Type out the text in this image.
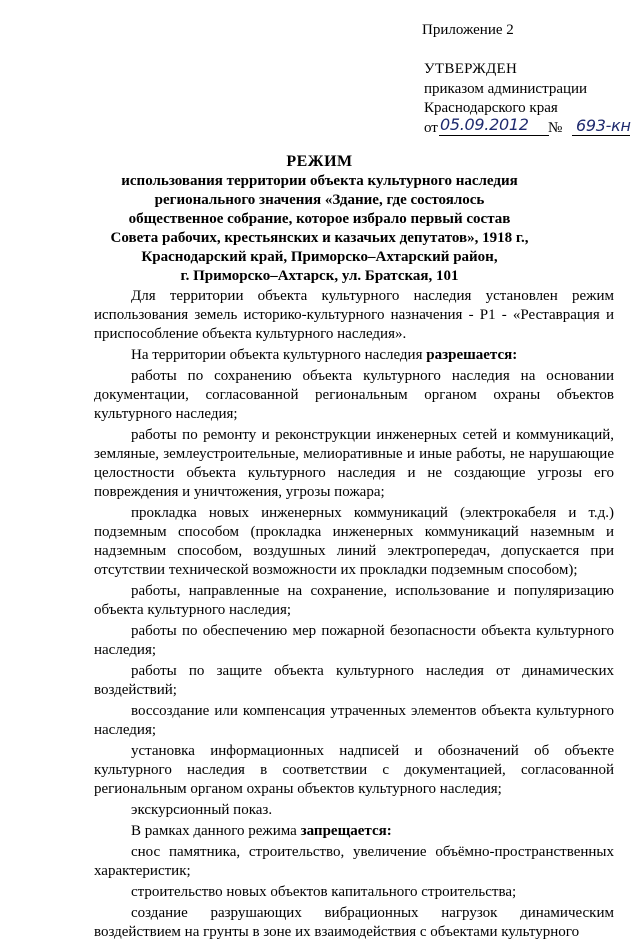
Приложение 2
УТВЕРЖДЕН
приказом администрации
Краснодарского края
от 05.09.2012 № 693-кн
РЕЖИМ
использования территории объекта культурного наследия
регионального значения «Здание, где состоялось
общественное собрание, которое избрало первый состав
Совета рабочих, крестьянских и казачьих депутатов», 1918 г.,
Краснодарский край, Приморско–Ахтарский район,
г. Приморско–Ахтарск, ул. Братская, 101

Для территории объекта культурного наследия установлен режим использования земель историко-культурного назначения - Р1 - «Реставрация и приспособление объекта культурного наследия».

На территории объекта культурного наследия разрешается:

работы по сохранению объекта культурного наследия на основании документации, согласованной региональным органом охраны объектов культурного наследия;

работы по ремонту и реконструкции инженерных сетей и коммуникаций, земляные, землеустроительные, мелиоративные и иные работы, не нарушающие целостности объекта культурного наследия и не создающие угрозы его повреждения и уничтожения, угрозы пожара;

прокладка новых инженерных коммуникаций (электрокабеля и т.д.) подземным способом (прокладка инженерных коммуникаций наземным и надземным способом, воздушных линий электропередач, допускается при отсутствии технической возможности их прокладки подземным способом);

работы, направленные на сохранение, использование и популяризацию объекта культурного наследия;

работы по обеспечению мер пожарной безопасности объекта культурного наследия;

работы по защите объекта культурного наследия от динамических воздействий;

воссоздание или компенсация утраченных элементов объекта культурного наследия;

установка информационных надписей и обозначений об объекте культурного наследия в соответствии с документацией, согласованной региональным органом охраны объектов культурного наследия;

экскурсионный показ.

В рамках данного режима запрещается:

снос памятника, строительство, увеличение объёмно-пространственных характеристик;

строительство новых объектов капитального строительства;

создание разрушающих вибрационных нагрузок динамическим воздействием на грунты в зоне их взаимодействия с объектами культурного
